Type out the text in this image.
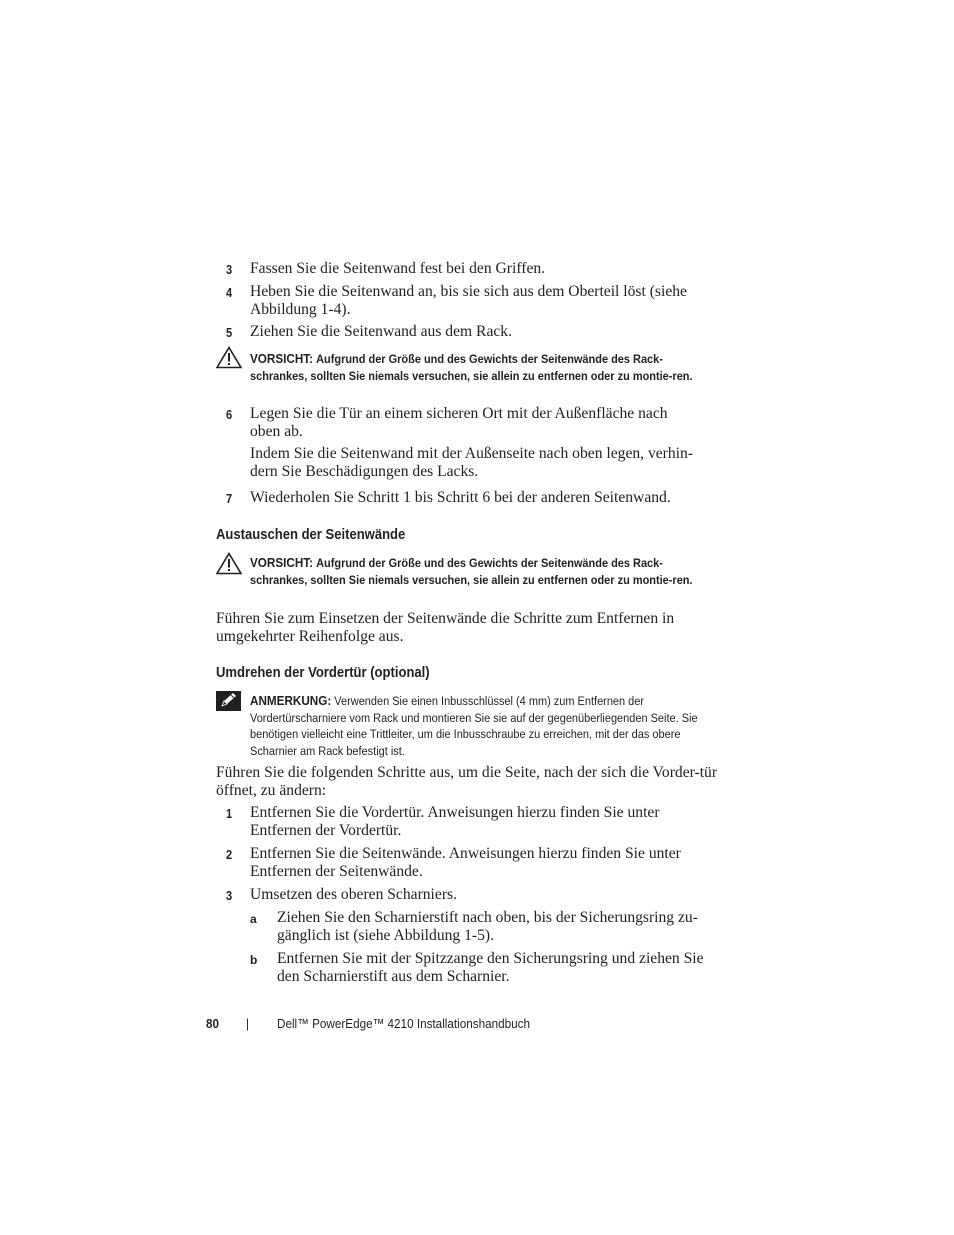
3	Fassen Sie die Seitenwand fest bei den Griffen.
4	Heben Sie die Seitenwand an, bis sie sich aus dem Oberteil löst (siehe Abbildung 1-4).
5	Ziehen Sie die Seitenwand aus dem Rack.
VORSICHT: Aufgrund der Größe und des Gewichts der Seitenwände des Rack-schrankes, sollten Sie niemals versuchen, sie allein zu entfernen oder zu montie-ren.
6	Legen Sie die Tür an einem sicheren Ort mit der Außenfläche nach oben ab.
Indem Sie die Seitenwand mit der Außenseite nach oben legen, verhin-dern Sie Beschädigungen des Lacks.
7	Wiederholen Sie Schritt 1 bis Schritt 6 bei der anderen Seitenwand.
Austauschen der Seitenwände
VORSICHT: Aufgrund der Größe und des Gewichts der Seitenwände des Rack-schrankes, sollten Sie niemals versuchen, sie allein zu entfernen oder zu montie-ren.
Führen Sie zum Einsetzen der Seitenwände die Schritte zum Entfernen in umgekehrter Reihenfolge aus.
Umdrehen der Vordertür (optional)
ANMERKUNG: Verwenden Sie einen Inbusschlüssel (4 mm) zum Entfernen der Vordertürscharniere vom Rack und montieren Sie sie auf der gegenüberliegenden Seite. Sie benötigen vielleicht eine Trittleiter, um die Inbusschraube zu erreichen, mit der das obere Scharnier am Rack befestigt ist.
Führen Sie die folgenden Schritte aus, um die Seite, nach der sich die Vorder-tür öffnet, zu ändern:
1	Entfernen Sie die Vordertür. Anweisungen hierzu finden Sie unter Entfernen der Vordertür.
2	Entfernen Sie die Seitenwände. Anweisungen hierzu finden Sie unter Entfernen der Seitenwände.
3	Umsetzen des oberen Scharniers.
a	Ziehen Sie den Scharnierstift nach oben, bis der Sicherungsring zu-gänglich ist (siehe Abbildung 1-5).
b Entfernen Sie mit der Spitzzange den Sicherungsring und ziehen Sie den Scharnierstift aus dem Scharnier.
80 | Dell™ PowerEdge™ 4210 Installationshandbuch
